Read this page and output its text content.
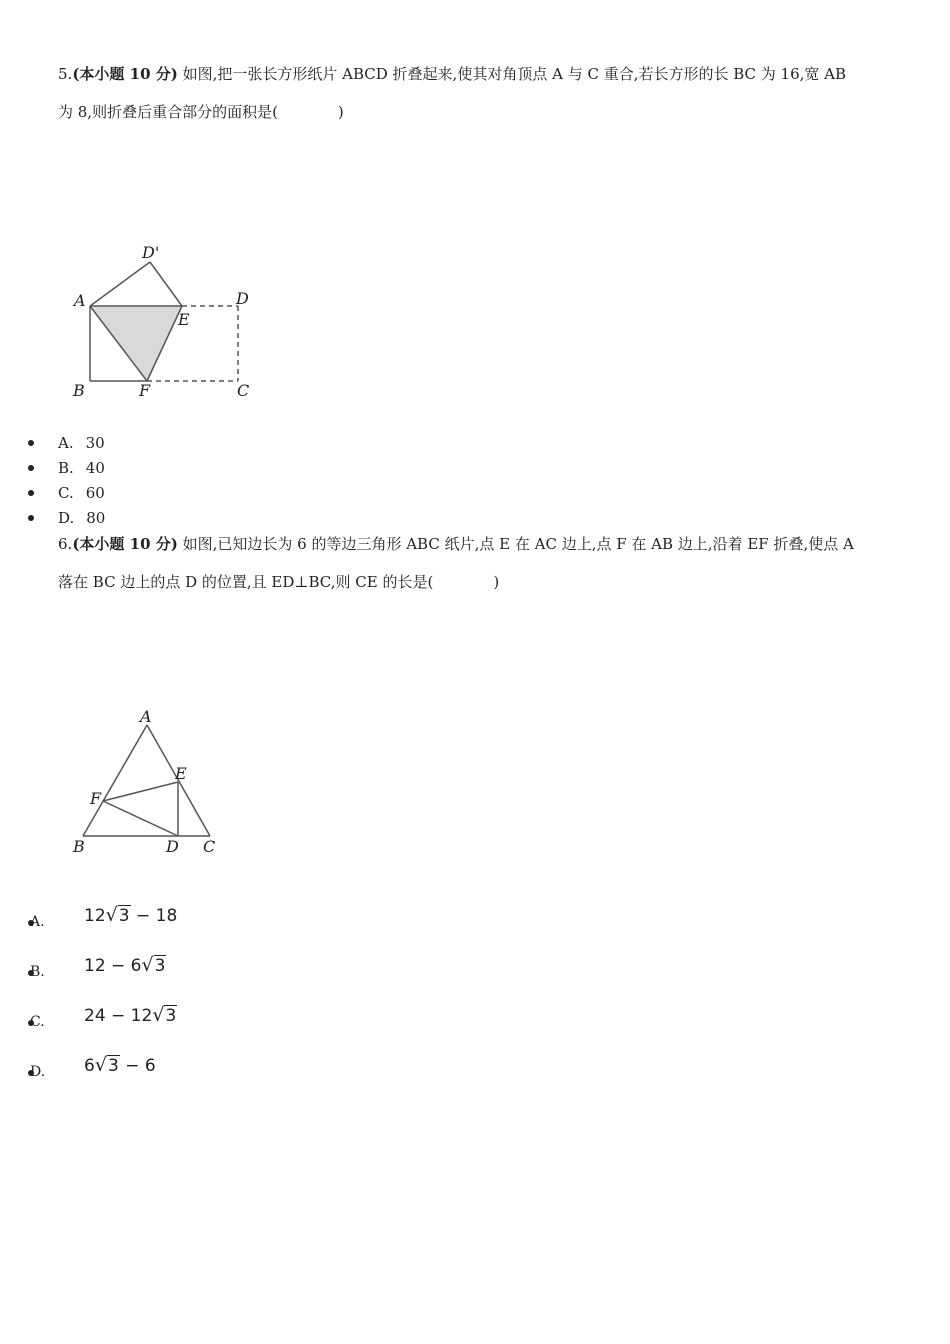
5.(本小题 10 分) 如图,把一张长方形纸片 ABCD 折叠起来,使其对角顶点 A 与 C 重合,若长方形的长 BC 为 16,宽 AB
为 8,则折叠后重合部分的面积是(　　　　)
D'
A
E
D
B	F	C
A. 30
B. 40
C. 60
D. 80
6.(本小题 10 分) 如图,已知边长为 6 的等边三角形 ABC 纸片,点 E 在 AC 边上,点 F 在 AB 边上,沿着 EF 折叠,使点 A
落在 BC 边上的点 D 的位置,且 ED⊥BC,则 CE 的长是(　　　　)
A
E
F
B	D C
A. 12√3 − 18
B. 12 − 6√3
C. 24 − 12√3
D. 6√3 − 6
